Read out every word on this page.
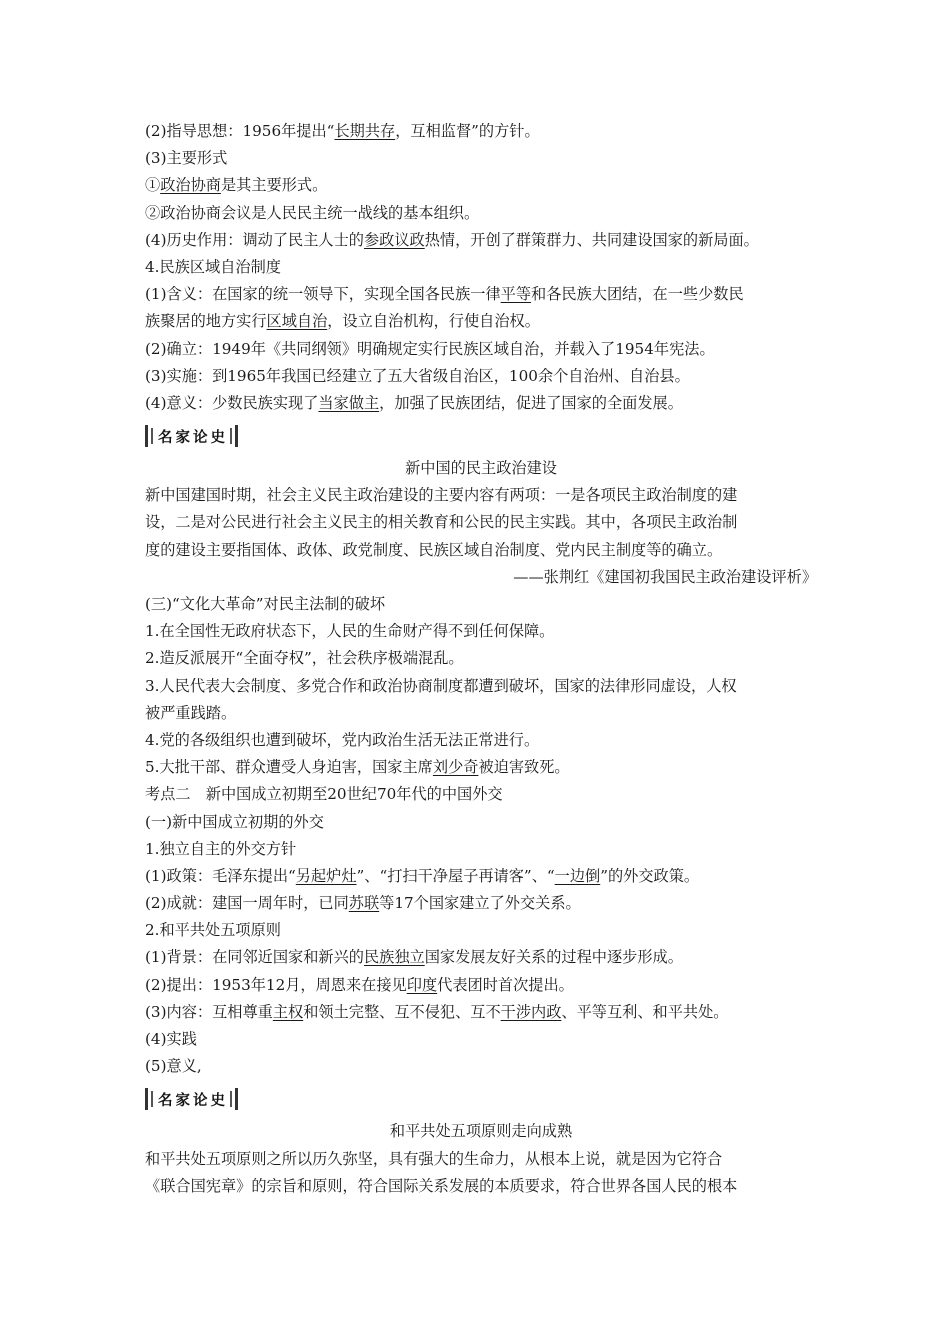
(2)指导思想：1956年提出“长期共存，互相监督”的方针。
(3)主要形式
①政治协商是其主要形式。
②政治协商会议是人民民主统一战线的基本组织。
(4)历史作用：调动了民主人士的参政议政热情，开创了群策群力、共同建设国家的新局面。
4.民族区域自治制度
(1)含义：在国家的统一领导下，实现全国各民族一律平等和各民族大团结，在一些少数民
族聚居的地方实行区域自治，设立自治机构，行使自治权。
(2)确立：1949年《共同纲领》明确规定实行民族区域自治，并载入了1954年宪法。
(3)实施：到1965年我国已经建立了五大省级自治区，100余个自治州、自治县。
(4)意义：少数民族实现了当家做主，加强了民族团结，促进了国家的全面发展。
名家论史
新中国的民主政治建设
新中国建国时期，社会主义民主政治建设的主要内容有两项：一是各项民主政治制度的建
设，二是对公民进行社会主义民主的相关教育和公民的民主实践。其中，各项民主政治制
度的建设主要指国体、政体、政党制度、民族区域自治制度、党内民主制度等的确立。
——张荆红《建国初我国民主政治建设评析》
(三)“文化大革命”对民主法制的破坏
1.在全国性无政府状态下，人民的生命财产得不到任何保障。
2.造反派展开“全面夺权”，社会秩序极端混乱。
3.人民代表大会制度、多党合作和政治协商制度都遭到破坏，国家的法律形同虚设，人权
被严重践踏。
4.党的各级组织也遭到破坏，党内政治生活无法正常进行。
5.大批干部、群众遭受人身迫害，国家主席刘少奇被迫害致死。
考点二　新中国成立初期至20世纪70年代的中国外交
(一)新中国成立初期的外交
1.独立自主的外交方针
(1)政策：毛泽东提出“另起炉灶”、“打扫干净屋子再请客”、“一边倒”的外交政策。
(2)成就：建国一周年时，已同苏联等17个国家建立了外交关系。
2.和平共处五项原则
(1)背景：在同邻近国家和新兴的民族独立国家发展友好关系的过程中逐步形成。
(2)提出：1953年12月，周恩来在接见印度代表团时首次提出。
(3)内容：互相尊重主权和领土完整、互不侵犯、互不干涉内政、平等互利、和平共处。
(4)实践
(5)意义,
名家论史
和平共处五项原则走向成熟
和平共处五项原则之所以历久弥坚，具有强大的生命力，从根本上说，就是因为它符合
《联合国宪章》的宗旨和原则，符合国际关系发展的本质要求，符合世界各国人民的根本
